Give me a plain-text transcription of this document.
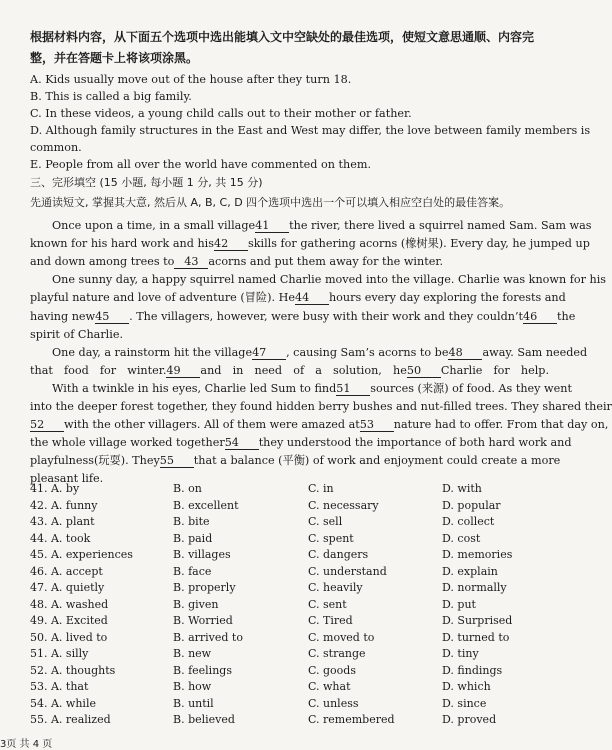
根据材料内容，从下面五个选项中选出能填入文中空缺处的最佳选项，使短文意思通顺、内容完
整，并在答题卡上将该项涂黑。
A. Kids usually move out of the house after they turn 18.
B. This is called a big family.
C. In these videos, a young child calls out to their mother or father.
D. Although family structures in the East and West may differ, the love between family members is
common.
E. People from all over the world have commented on them.
三、完形填空 (15 小题, 每小题 1 分, 共 15 分)
先通读短文, 掌握其大意, 然后从 A, B, C, D 四个选项中选出一个可以填入相应空白处的最佳答案。
Once upon a time, in a small village41 the river, there lived a squirrel named Sam. Sam was
known for his hard work and his42 skills for gathering acorns (橡树果). Every day, he jumped up
and down among trees to 43 acorns and put them away for the winter.
One sunny day, a happy squirrel named Charlie moved into the village. Charlie was known for his
playful nature and love of adventure (冒险). He44 hours every day exploring the forests and
having new45 . The villagers, however, were busy with their work and they couldn’t46 the
spirit of Charlie.
One day, a rainstorm hit the village47 , causing Sam’s acorns to be48 away. Sam needed
that food for winter.49 and in need of a solution, he50 Charlie for help.
With a twinkle in his eyes, Charlie led Sum to find51 sources (来源) of food. As they went
into the deeper forest together, they found hidden berry bushes and nut-filled trees. They shared their
52 with the other villagers. All of them were amazed at53 nature had to offer. From that day on,
the whole village worked together54 they understood the importance of both hard work and
playfulness(玩耍). They55 that a balance (平衡) of work and enjoyment could create a more
pleasant life.
41. A. by	B. on	C. in	D. with
42. A. funny	B. excellent	C. necessary	D. popular
43. A. plant	B. bite	C. sell	D. collect
44. A. took	B. paid	C. spent	D. cost
45. A. experiences	B. villages	C. dangers	D. memories
46. A. accept	B. face	C. understand	D. explain
47. A. quietly	B. properly	C. heavily	D. normally
48. A. washed	B. given	C. sent	D. put
49. A. Excited	B. Worried	C. Tired	D. Surprised
50. A. lived to	B. arrived to	C. moved to	D. turned to
51. A. silly	B. new	C. strange	D. tiny
52. A. thoughts	B. feelings	C. goods	D. findings
53. A. that	B. how	C. what	D. which
54. A. while	B. until	C. unless	D. since
55. A. realized	B. believed	C. remembered	D. proved
3页 共 4 页
